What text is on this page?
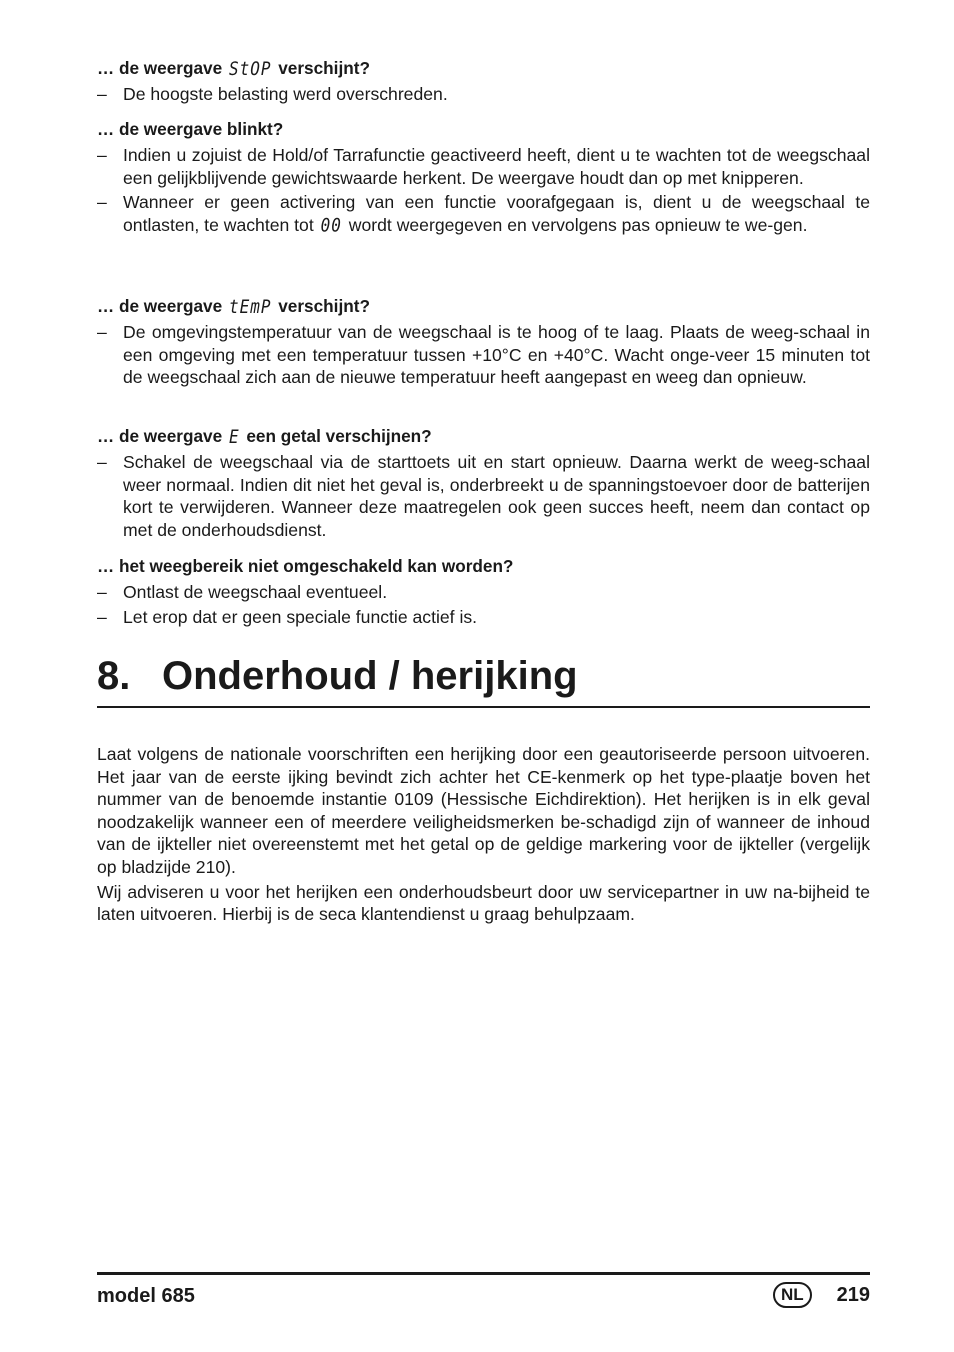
… de weergave StOP verschijnt?

– De hoogste belasting werd overschreden.

… de weergave blinkt?

– Indien u zojuist de Hold/of Tarrafunctie geactiveerd heeft, dient u te wachten tot de weegschaal een gelijkblijvende gewichtswaarde herkent. De weergave houdt dan op met knipperen.
– Wanneer er geen activering van een functie voorafgegaan is, dient u de weegschaal te ontlasten, te wachten tot 00 wordt weergegeven en vervolgens pas opnieuw te we-gen.

… de weergave tEmP verschijnt?

– De omgevingstemperatuur van de weegschaal is te hoog of te laag. Plaats de weeg-schaal in een omgeving met een temperatuur tussen +10°C en +40°C. Wacht onge-veer 15 minuten tot de weegschaal zich aan de nieuwe temperatuur heeft aangepast en weeg dan opnieuw.

… de weergave E een getal verschijnen?

– Schakel de weegschaal via de starttoets uit en start opnieuw. Daarna werkt de weeg-schaal weer normaal. Indien dit niet het geval is, onderbreekt u de spanningstoevoer door de batterijen kort te verwijderen. Wanneer deze maatregelen ook geen succes heeft, neem dan contact op met de onderhoudsdienst.

… het weegbereik niet omgeschakeld kan worden?

– Ontlast de weegschaal eventueel.
– Let erop dat er geen speciale functie actief is.
8. Onderhoud / herijking

Laat volgens de nationale voorschriften een herijking door een geautoriseerde persoon uitvoeren. Het jaar van de eerste ijking bevindt zich achter het CE-kenmerk op het type-plaatje boven het nummer van de benoemde instantie 0109 (Hessische Eichdirektion). Het herijken is in elk geval noodzakelijk wanneer een of meerdere veiligheidsmerken be-schadigd zijn of wanneer de inhoud van de ijkteller niet overeenstemt met het getal op de geldige markering voor de ijkteller (vergelijk op bladzijde 210).

Wij adviseren u voor het herijken een onderhoudsbeurt door uw servicepartner in uw na-bijheid te laten uitvoeren. Hierbij is de seca klantendienst u graag behulpzaam.

model 685	NL	219
